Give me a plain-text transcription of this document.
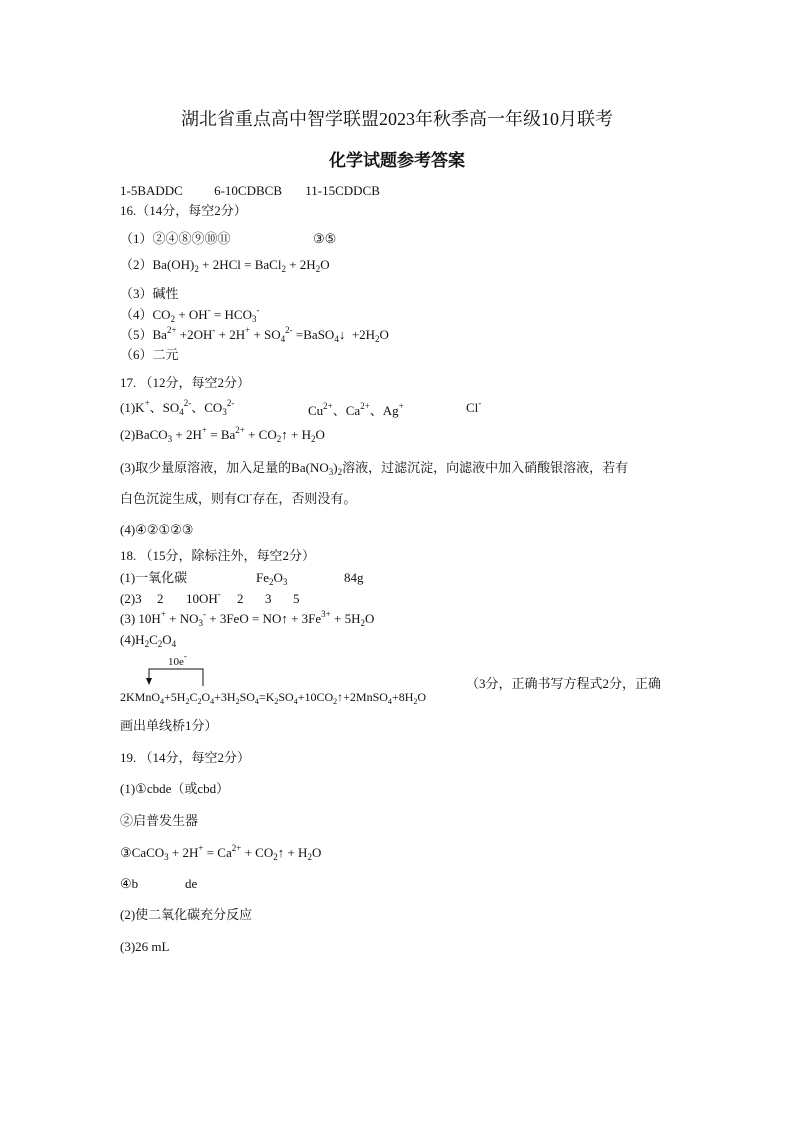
湖北省重点高中智学联盟2023年秋季高一年级10月联考
化学试题参考答案
1-5BADDC 6-10CDBCB 11-15CDDCB
16.（14分，每空2分）
（1）②④⑧⑨⑩⑪	③⑤
$(2)Ba(OH)_2 + 2HCl$ = BaCl$_2$ + $2H_2O$
（3）碱性
$(4)CO_2 + OH^- = HCO_3^-$
$(5)Ba^{2+} +2OH^- + 2H^+ + SO_4^{2-}$ =BaSO$_4$↓  $+2H_2O$
（6）二元
17. （12分，每空2分）
(1)K+、$SO_4^{2-}$、$CO_3^{2-}$	$Cu^{2+}$、$Ca^{2+}$、Ag+	Cl-
(2)BaCO$_3$ + $2H^+ = Ba^{2+}$ + $CO_2↑ + H_2O$
(3)取少量原溶液，加入足量的$Ba(NO_3)_2$溶液，过滤沉淀，向滤液中加入硝酸银溶液，若有
白色沉淀生成，则有Cl-存在，否则没有。
(4)④②①②③
18. （15分，除标注外，每空2分）
(1)一氧化碳	$Fe_2O_3$	84g
(2)3 2 10OH- 2 3 5
(3) $10H^+ + NO_3^- + 3FeO$ = NO↑ + $3Fe^{3+} + 5H_2O$
$(4)H_2C_2O_4$
10e-
$2KMnO_4+5H_2C_2O_4+3H_2SO_4=K_2SO_4+10CO_2↑+2MnSO_4+8H_2O$
（3分，正确书写方程式2分，正确
画出单线桥1分）
19. （14分，每空2分）
(1)①cbde（或cbd）
②启普发生器
③CaCO$_3$ + $2H^+ = Ca^{2+}$ + $CO_2↑ + H_2O$
④b	de
(2)使二氧化碳充分反应
(3)26 mL
